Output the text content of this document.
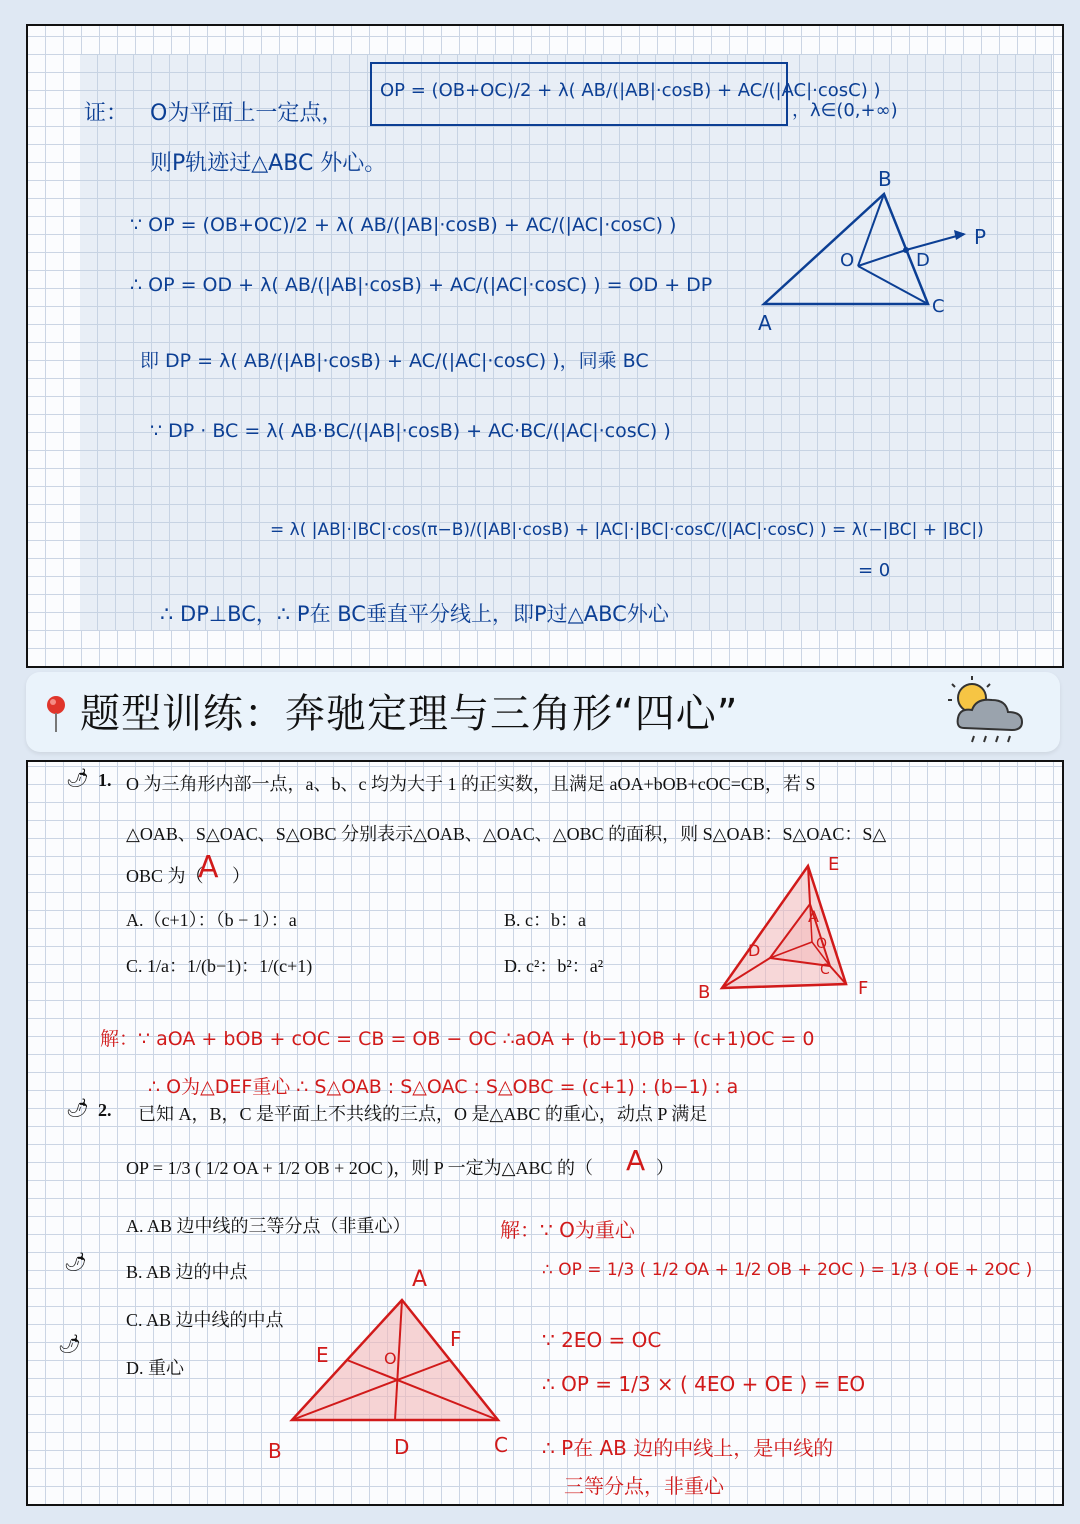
证： O为平面上一定点，
OP = (OB+OC)/2 + λ( AB/(|AB|·cosB) + AC/(|AC|·cosC) )
，λ∈(0,+∞)
则P轨迹过△ABC 外心。
∵ OP = (OB+OC)/2 + λ( AB/(|AB|·cosB) + AC/(|AC|·cosC) )
∴ OP = OD + λ( AB/(|AB|·cosB) + AC/(|AC|·cosC) ) = OD + DP
即 DP = λ( AB/(|AB|·cosB) + AC/(|AC|·cosC) )，同乘 BC
∵ DP · BC = λ( AB·BC/(|AB|·cosB) + AC·BC/(|AC|·cosC) )
= λ( |AB|·|BC|·cos(π−B)/(|AB|·cosB) + |AC|·|BC|·cosC/(|AC|·cosC) ) = λ(−|BC| + |BC|)
= 0
∴ DP⊥BC，∴ P在 BC垂直平分线上，即P过△ABC外心
A
B
C
O	D
P
题型训练：奔驰定理与三角形“四心”
🌶 1. O 为三角形内部一点，a、b、c 均为大于 1 的正实数，且满足 aOA+bOB+cOC=CB，若 S
△OAB、S△OAC、S△OBC 分别表示△OAB、△OAC、△OBC 的面积，则 S△OAB：S△OAC：S△
OBC 为（
A ）
A.（c+1）：（b − 1）：a	B. c：b：a
C. 1/a：1/(b−1)：1/(c+1)	D. c²：b²：a²
E
A
D	O
B
C
F
解：∵ aOA + bOB + cOC = CB = OB − OC ∴aOA + (b−1)OB + (c+1)OC = 0
∴ O为△DEF重心 ∴ S△OAB : S△OAC : S△OBC = (c+1) : (b−1) : a
🌶 2. 已知 A，B，C 是平面上不共线的三点，O 是△ABC 的重心，动点 P 满足
OP = 1/3 ( 1/2 OA + 1/2 OB + 2OC )，则 P 一定为△ABC 的（ A ）
A. AB 边中线的三等分点（非重心）
🌶 B. AB 边的中点
C. AB 边中线的中点
🌶
D. 重心
A
B	C
D
E
F
O
解：∵ O为重心
∴ OP = 1/3 ( 1/2 OA + 1/2 OB + 2OC ) = 1/3 ( OE + 2OC )
∵ 2EO = OC
∴ OP = 1/3 × ( 4EO + OE ) = EO
∴ P在 AB 边的中线上，是中线的
三等分点，非重心
